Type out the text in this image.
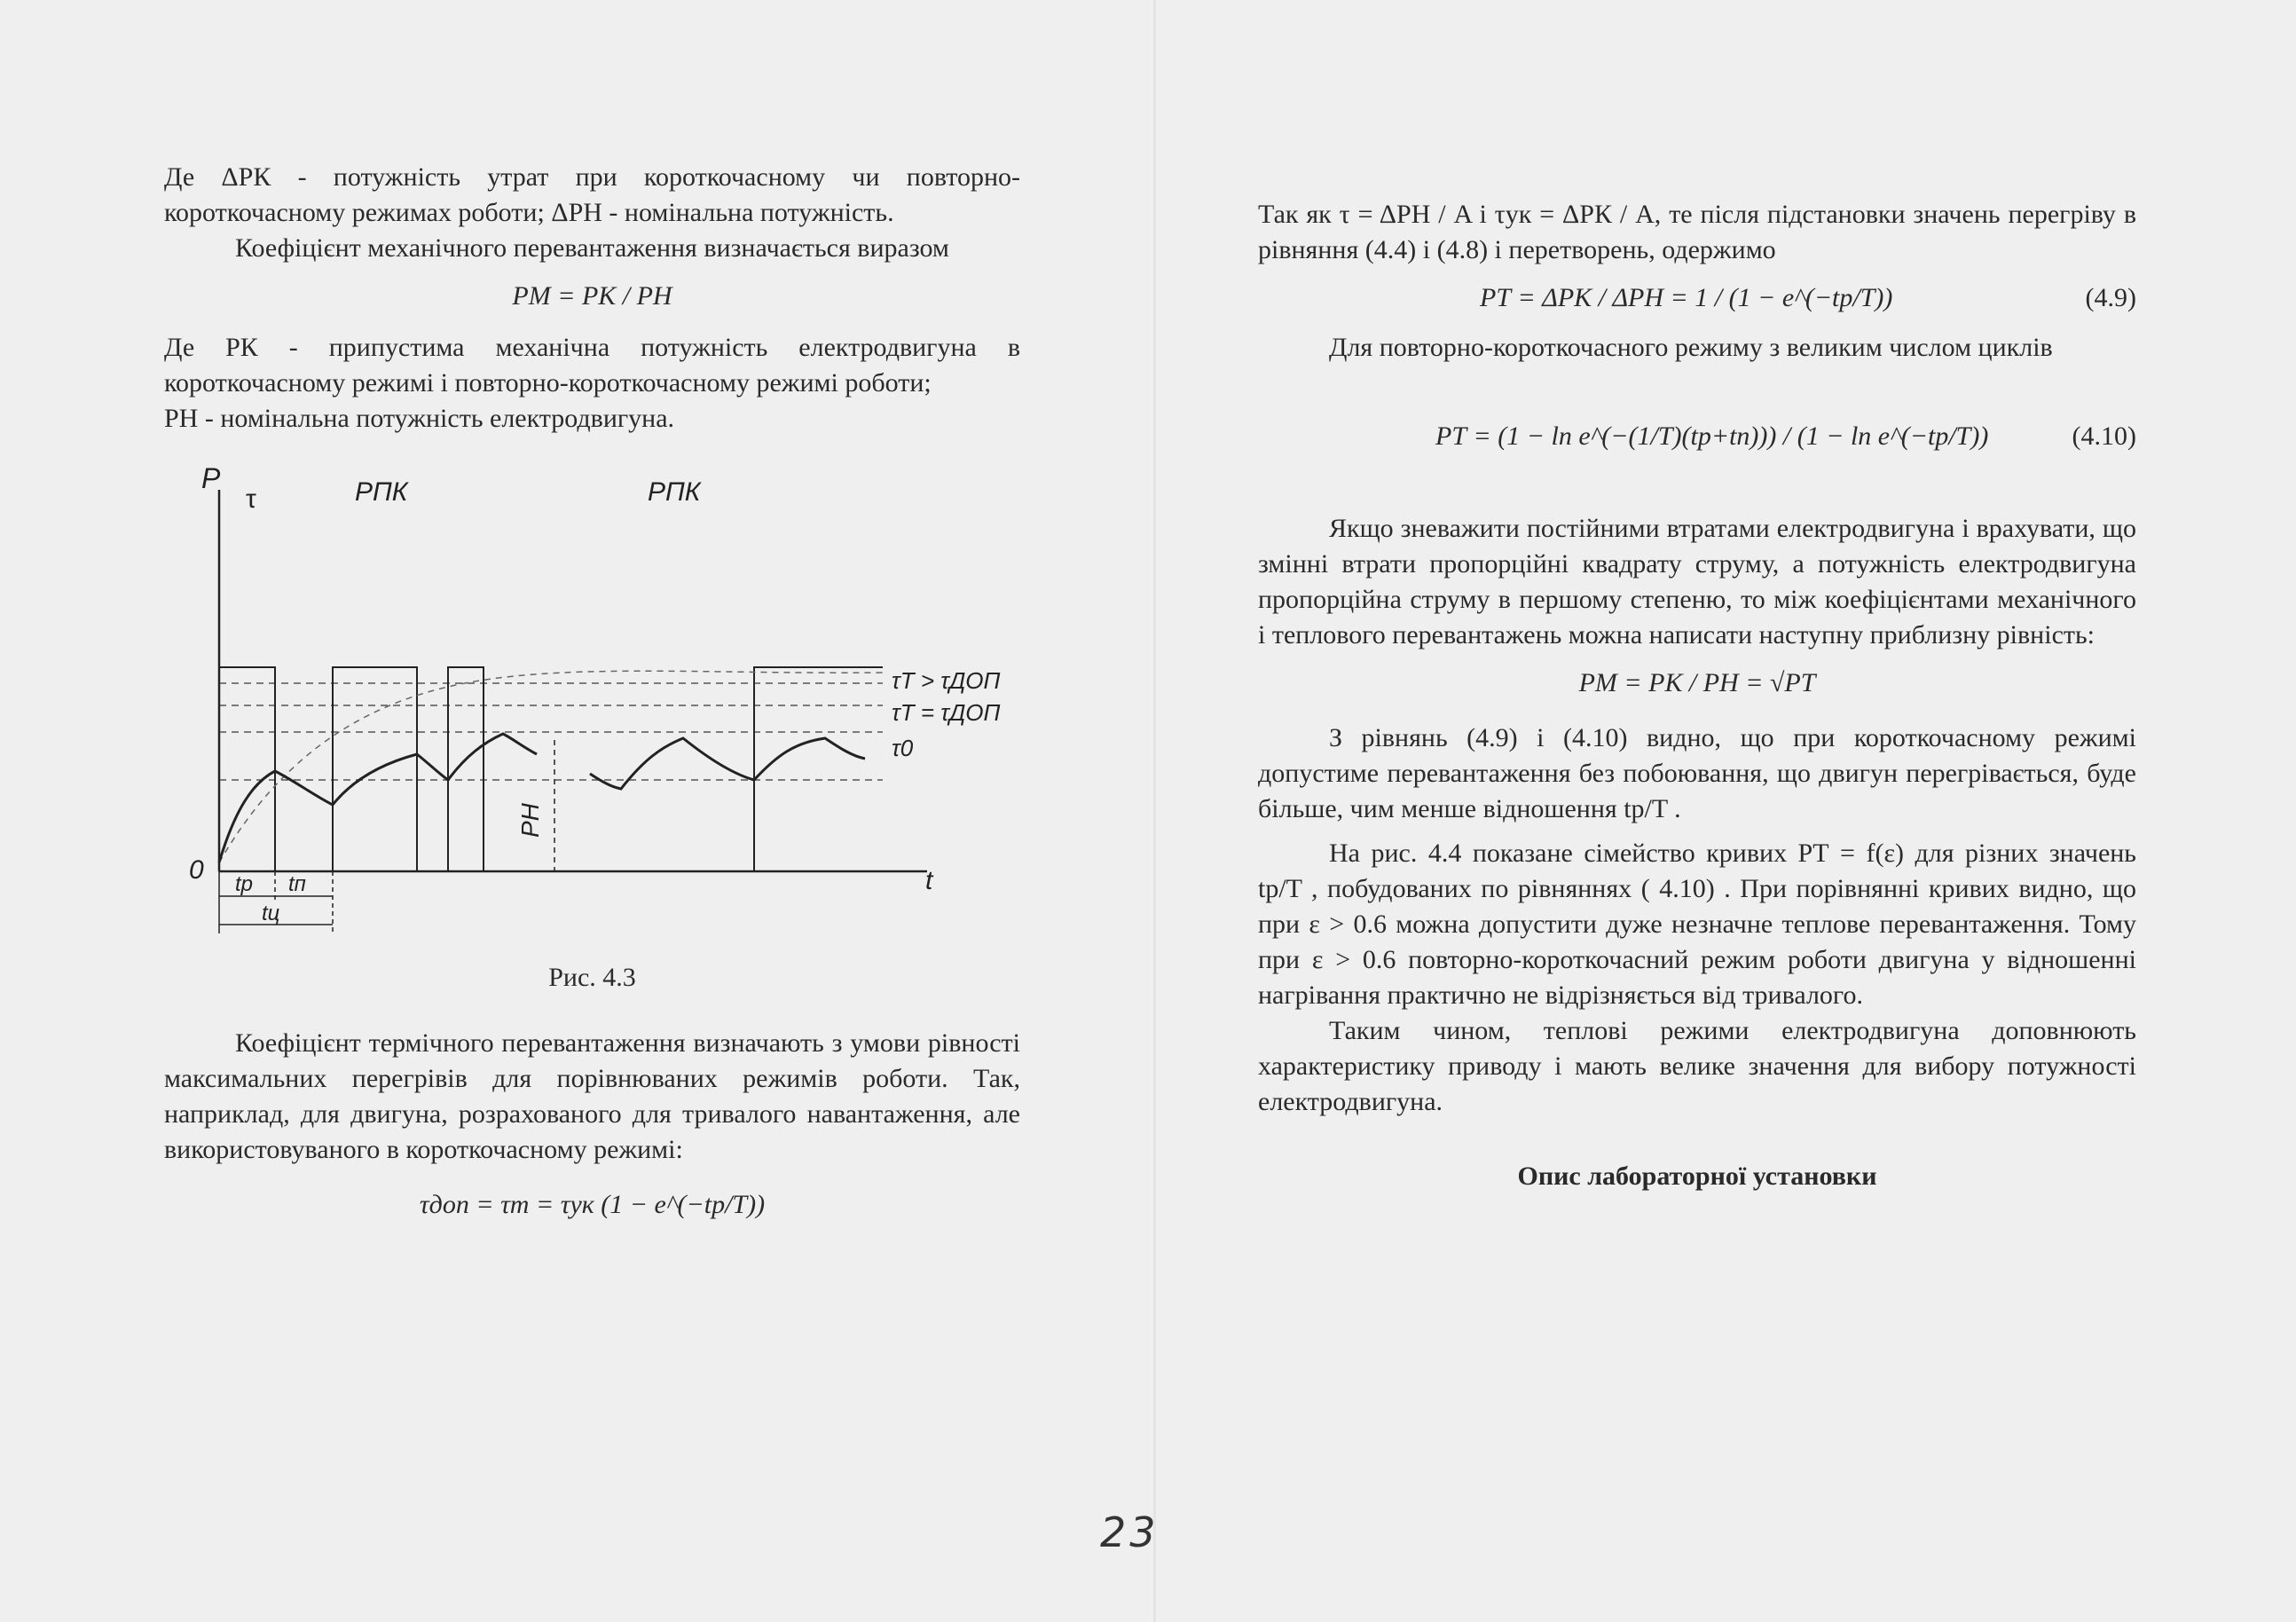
Де ΔPК - потужність утрат при короткочасному чи повторно-короткочасному режимах роботи; ΔPН - номінальна потужність.

Коефіцієнт механічного перевантаження визначається виразом

PМ = PК / PН

Де PК - припустима механічна потужність електродвигуна в короткочасному режимі і повторно-короткочасному режимі роботи;

PН - номінальна потужність електродвигуна.

P
τ	PПК	PПК
τТ > τДОП
τТ = τДОП
τ0
PH
0	t
tр tп
tц

Рис. 4.3

Коефіцієнт термічного перевантаження визначають з умови рівності максимальних перегрівів для порівнюваних режимів роботи. Так, наприклад, для двигуна, розрахованого для тривалого навантаження, але використовуваного в короткочасному режимі:

τдоп = τт = τук (1 − e^(−tр/T))

Так як τ = ΔPН / A і τук = ΔPК / A, те після підстановки значень перегріву в рівняння (4.4) і (4.8) і перетворень, одержимо

PТ = ΔPК / ΔPН = 1 / (1 − e^(−tр/T))	(4.9)

Для повторно-короткочасного режиму з великим числом циклів

PТ = (1 − ln e^(−(1/T)(tр+tп))) / (1 − ln e^(−tр/T))	(4.10)

Якщо зневажити постійними втратами електродвигуна і врахувати, що змінні втрати пропорційні квадрату струму, а потужність електродвигуна пропорційна струму в першому степеню, то між коефіцієнтами механічного і теплового перевантажень можна написати наступну приблизну рівність:

PМ = PК / PН = √PТ

З рівнянь (4.9) і (4.10) видно, що при короткочасному режимі допустиме перевантаження без побоювання, що двигун перегрівається, буде більше, чим менше відношення tр/T .

На рис. 4.4 показане сімейство кривих PТ = f(ε) для різних значень tр/T , побудованих по рівняннях ( 4.10) . При порівнянні кривих видно, що при ε > 0.6 можна допустити дуже незначне теплове перевантаження. Тому при ε > 0.6 повторно-короткочасний режим роботи двигуна у відношенні нагрівання практично не відрізняється від тривалого.

Таким чином, теплові режими електродвигуна доповнюють характеристику приводу і мають велике значення для вибору потужності електродвигуна.

Опис лабораторної установки

23
